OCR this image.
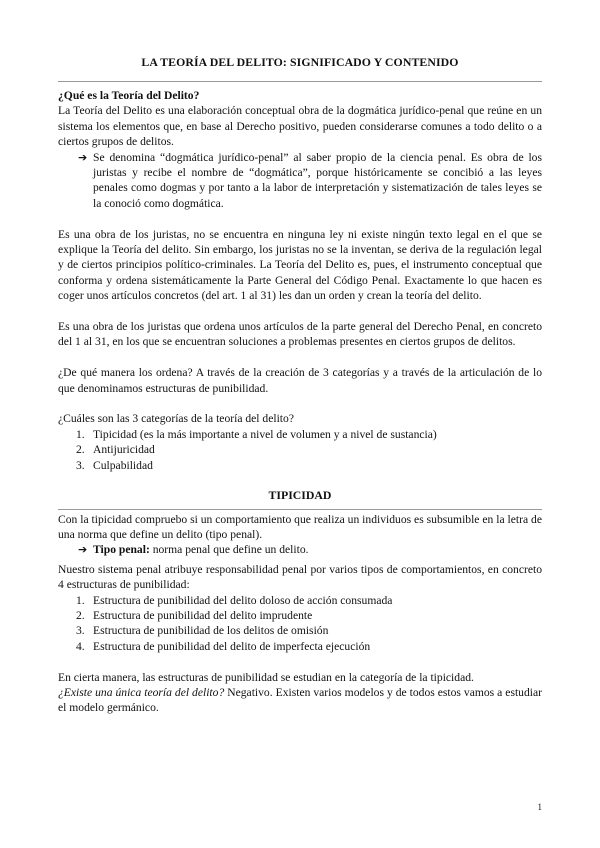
LA TEORÍA DEL DELITO: SIGNIFICADO Y CONTENIDO

¿Qué es la Teoría del Delito?

La Teoría del Delito es una elaboración conceptual obra de la dogmática jurídico-penal que reúne en un sistema los elementos que, en base al Derecho positivo, pueden considerarse comunes a todo delito o a ciertos grupos de delitos.

➔ Se denomina “dogmática jurídico-penal” al saber propio de la ciencia penal. Es obra de los juristas y recibe el nombre de “dogmática”, porque históricamente se concibió a las leyes penales como dogmas y por tanto a la labor de interpretación y sistematización de tales leyes se la conoció como dogmática.

Es una obra de los juristas, no se encuentra en ninguna ley ni existe ningún texto legal en el que se explique la Teoría del delito. Sin embargo, los juristas no se la inventan, se deriva de la regulación legal y de ciertos principios político-criminales. La Teoría del Delito es, pues, el instrumento conceptual que conforma y ordena sistemáticamente la Parte General del Código Penal. Exactamente lo que hacen es coger unos artículos concretos (del art. 1 al 31) les dan un orden y crean la teoría del delito.

Es una obra de los juristas que ordena unos artículos de la parte general del Derecho Penal, en concreto del 1 al 31, en los que se encuentran soluciones a problemas presentes en ciertos grupos de delitos.

¿De qué manera los ordena? A través de la creación de 3 categorías y a través de la articulación de lo que denominamos estructuras de punibilidad.

¿Cuáles son las 3 categorías de la teoría del delito?

1. Tipicidad (es la más importante a nivel de volumen y a nivel de sustancia)
2. Antijuricidad
3. Culpabilidad

TIPICIDAD

Con la tipicidad compruebo si un comportamiento que realiza un individuos es subsumible en la letra de una norma que define un delito (tipo penal).

➔ Tipo penal: norma penal que define un delito.

Nuestro sistema penal atribuye responsabilidad penal por varios tipos de comportamientos, en concreto 4 estructuras de punibilidad:

1. Estructura de punibilidad del delito doloso de acción consumada
2. Estructura de punibilidad del delito imprudente
3. Estructura de punibilidad de los delitos de omisión
4. Estructura de punibilidad del delito de imperfecta ejecución

En cierta manera, las estructuras de punibilidad se estudian en la categoría de la tipicidad.

¿Existe una única teoría del delito? Negativo. Existen varios modelos y de todos estos vamos a estudiar el modelo germánico.

1
